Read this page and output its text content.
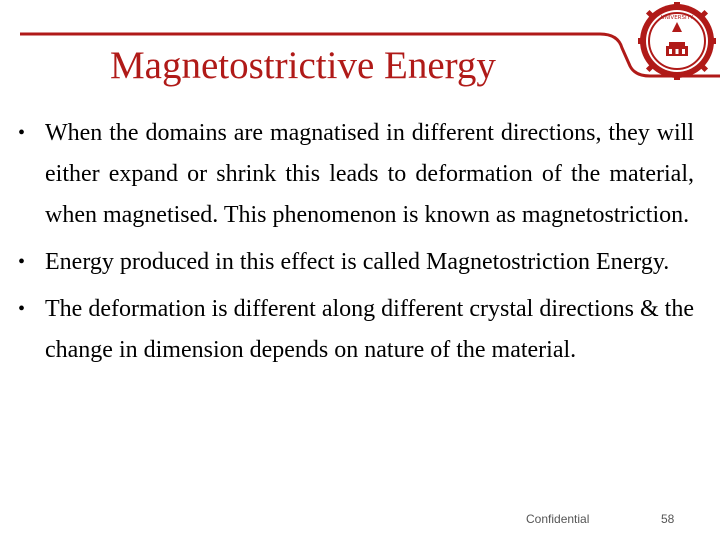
Magnetostrictive Energy
UNIVERSITY
• When the domains are magnatised in different directions, they will either expand or shrink this leads to deformation of the material, when magnetised. This phenomenon is known as magnetostriction.
• Energy produced in this effect is called Magnetostriction Energy.
• The deformation is different along different crystal directions & the change in dimension depends on nature of the material.
Confidential	58
